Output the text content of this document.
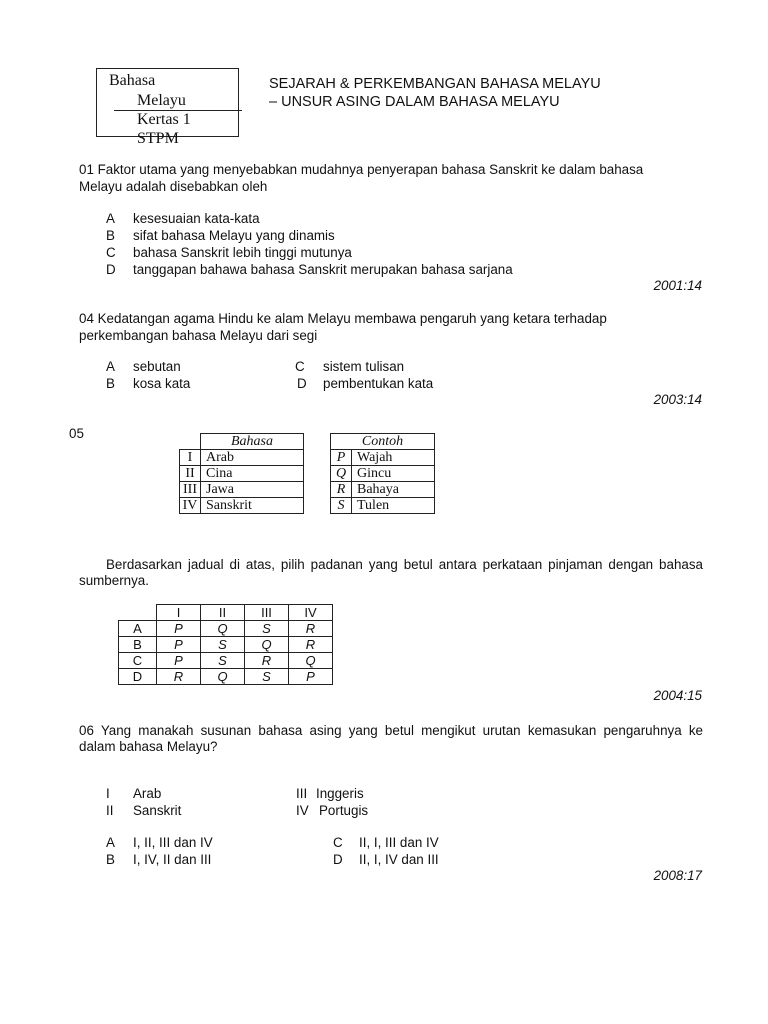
Bahasa
Melayu
Kertas 1
STPM
SEJARAH & PERKEMBANGAN BAHASA MELAYU
– UNSUR ASING DALAM BAHASA MELAYU
01 Faktor utama yang menyebabkan mudahnya penyerapan bahasa Sanskrit ke dalam bahasa
Melayu adalah disebabkan oleh
A kesesuaian kata-kata
B sifat bahasa Melayu yang dinamis
C bahasa Sanskrit lebih tinggi mutunya
D tanggapan bahawa bahasa Sanskrit merupakan bahasa sarjana
2001:14
04 Kedatangan agama Hindu ke alam Melayu membawa pengaruh yang ketara terhadap
perkembangan bahasa Melayu dari segi
A sebutan
B kosa kata
C sistem tulisan
D pembentukan kata
2003:14
05
	Bahasa
I	Arab
II	Cina
III	Jawa
IV	Sanskrit
Contoh	
P	Wajah
Q	Gincu
R	Bahaya
S	Tulen
Berdasarkan jadual di atas, pilih padanan yang betul antara perkataan pinjaman dengan bahasa
sumbernya.
	I	II	III	IV
A	P	Q	S	R
B	P	S	Q	R
C	P	S	R	Q
D	R	Q	S	P
2004:15
06 Yang manakah susunan bahasa asing yang betul mengikut urutan kemasukan pengaruhnya ke
dalam bahasa Melayu?
I Arab
II Sanskrit
III Inggeris
IV Portugis
A I, II, III dan IV
B I, IV, II dan III
C II, I, III dan IV
D II, I, IV dan III
2008:17
